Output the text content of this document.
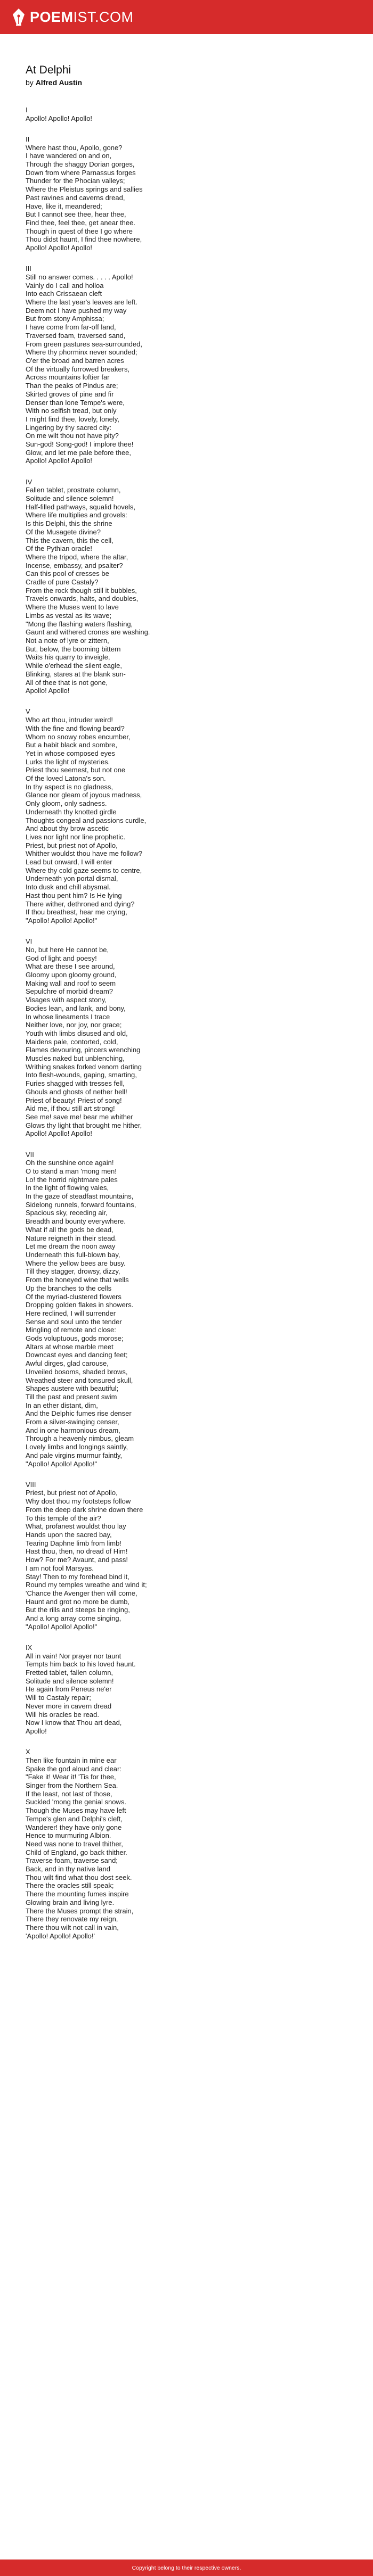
POEM IST.COM
At Delphi
by Alfred Austin
I
Apollo! Apollo! Apollo!
II
Where hast thou, Apollo, gone?
I have wandered on and on,
Through the shaggy Dorian gorges,
Down from where Parnassus forges
Thunder for the Phocian valleys;
Where the Pleistus springs and sallies
Past ravines and caverns dread,
Have, like it, meandered;
But I cannot see thee, hear thee,
Find thee, feel thee, get anear thee.
Though in quest of thee I go where
Thou didst haunt, I find thee nowhere,
Apollo! Apollo! Apollo!
III
Still no answer comes. . . . . Apollo!
Vainly do I call and holloa
Into each Crissaean cleft
Where the last year's leaves are left.
Deem not I have pushed my way
But from stony Amphissa;
I have come from far-off land,
Traversed foam, traversed sand,
From green pastures sea-surrounded,
Where thy phorminx never sounded;
O'er the broad and barren acres
Of the virtually furrowed breakers,
Across mountains loftier far
Than the peaks of Pindus are;
Skirted groves of pine and fir
Denser than lone Tempe's were,
With no selfish tread, but only
I might find thee, lovely, lonely,
Lingering by thy sacred city:
On me wilt thou not have pity?
Sun-god! Song-god! I implore thee!
Glow, and let me pale before thee,
Apollo! Apollo! Apollo!
IV
Fallen tablet, prostrate column,
Solitude and silence solemn!
Half-filled pathways, squalid hovels,
Where life multiplies and grovels:
Is this Delphi, this the shrine
Of the Musagete divine?
This the cavern, this the cell,
Of the Pythian oracle!
Where the tripod, where the altar,
Incense, embassy, and psalter?
Can this pool of cresses be
Cradle of pure Castaly?
From the rock though still it bubbles,
Travels onwards, halts, and doubles,
Where the Muses went to lave
Limbs as vestal as its wave;
"Mong the flashing waters flashing,
Gaunt and withered crones are washing.
Not a note of lyre or zittern,
But, below, the booming bittern
Waits his quarry to inveigle,
While o'erhead the silent eagle,
Blinking, stares at the blank sun-
All of thee that is not gone,
Apollo! Apollo!
V
Who art thou, intruder weird!
With the fine and flowing beard?
Whom no snowy robes encumber,
But a habit black and sombre,
Yet in whose composed eyes
Lurks the light of mysteries.
Priest thou seemest, but not one
Of the loved Latona's son.
In thy aspect is no gladness,
Glance nor gleam of joyous madness,
Only gloom, only sadness.
Underneath thy knotted girdle
Thoughts congeal and passions curdle,
And about thy brow ascetic
Lives nor light nor line prophetic.
Priest, but priest not of Apollo,
Whither wouldst thou have me follow?
Lead but onward, I will enter
Where thy cold gaze seems to centre,
Underneath yon portal dismal,
Into dusk and chill abysmal.
Hast thou pent him? Is He lying
There wither, dethroned and dying?
If thou breathest, hear me crying,
"Apollo! Apollo! Apollo!"
VI
No, but here He cannot be,
God of light and poesy!
What are these I see around,
Gloomy upon gloomy ground,
Making wall and roof to seem
Sepulchre of morbid dream?
Visages with aspect stony,
Bodies lean, and lank, and bony,
In whose lineaments I trace
Neither love, nor joy, nor grace;
Youth with limbs disused and old,
Maidens pale, contorted, cold,
Flames devouring, pincers wrenching
Muscles naked but unblenching,
Writhing snakes forked venom darting
Into flesh-wounds, gaping, smarting,
Furies shagged with tresses fell,
Ghouls and ghosts of nether hell!
Priest of beauty! Priest of song!
Aid me, if thou still art strong!
See me! save me! bear me whither
Glows thy light that brought me hither,
Apollo! Apollo! Apollo!
VII
Oh the sunshine once again!
O to stand a man 'mong men!
Lo! the horrid nightmare pales
In the light of flowing vales,
In the gaze of steadfast mountains,
Sidelong runnels, forward fountains,
Spacious sky, receding air,
Breadth and bounty everywhere.
What if all the gods be dead,
Nature reigneth in their stead.
Let me dream the noon away
Underneath this full-blown bay,
Where the yellow bees are busy.
Till they stagger, drowsy, dizzy,
From the honeyed wine that wells
Up the branches to the cells
Of the myriad-clustered flowers
Dropping golden flakes in showers.
Here reclined, I will surrender
Sense and soul unto the tender
Mingling of remote and close:
Gods voluptuous, gods morose;
Altars at whose marble meet
Downcast eyes and dancing feet;
Awful dirges, glad carouse,
Unveiled bosoms, shaded brows,
Wreathed steer and tonsured skull,
Shapes austere with beautiful;
Till the past and present swim
In an ether distant, dim,
And the Delphic fumes rise denser
From a silver-swinging censer,
And in one harmonious dream,
Through a heavenly nimbus, gleam
Lovely limbs and longings saintly,
And pale virgins murmur faintly,
"Apollo! Apollo! Apollo!"
VIII
Priest, but priest not of Apollo,
Why dost thou my footsteps follow
From the deep dark shrine down there
To this temple of the air?
What, profanest wouldst thou lay
Hands upon the sacred bay,
Tearing Daphne limb from limb!
Hast thou, then, no dread of Him!
How? For me? Avaunt, and pass!
I am not fool Marsyas.
Stay! Then to my forehead bind it,
Round my temples wreathe and wind it;
'Chance the Avenger then will come,
Haunt and grot no more be dumb,
But the rills and steeps be ringing,
And a long array come singing,
"Apollo! Apollo! Apollo!"
IX
All in vain! Nor prayer nor taunt
Tempts him back to his loved haunt.
Fretted tablet, fallen column,
Solitude and silence solemn!
He again from Peneus ne'er
Will to Castaly repair;
Never more in cavern dread
Will his oracles be read.
Now I know that Thou art dead,
Apollo!
X
Then like fountain in mine ear
Spake the god aloud and clear:
"Fake it! Wear it! 'Tis for thee,
Singer from the Northern Sea.
If the least, not last of those,
Suckled 'mong the genial snows.
Though the Muses may have left
Tempe's glen and Delphi's cleft,
Wanderer! they have only gone
Hence to murmuring Albion.
Need was none to travel thither,
Child of England, go back thither.
Traverse foam, traverse sand;
Back, and in thy native land
Thou wilt find what thou dost seek.
There the oracles still speak;
There the mounting fumes inspire
Glowing brain and living lyre.
There the Muses prompt the strain,
There they renovate my reign,
There thou wilt not call in vain,
'Apollo! Apollo! Apollo!'
Copyright belong to their respective owners.
